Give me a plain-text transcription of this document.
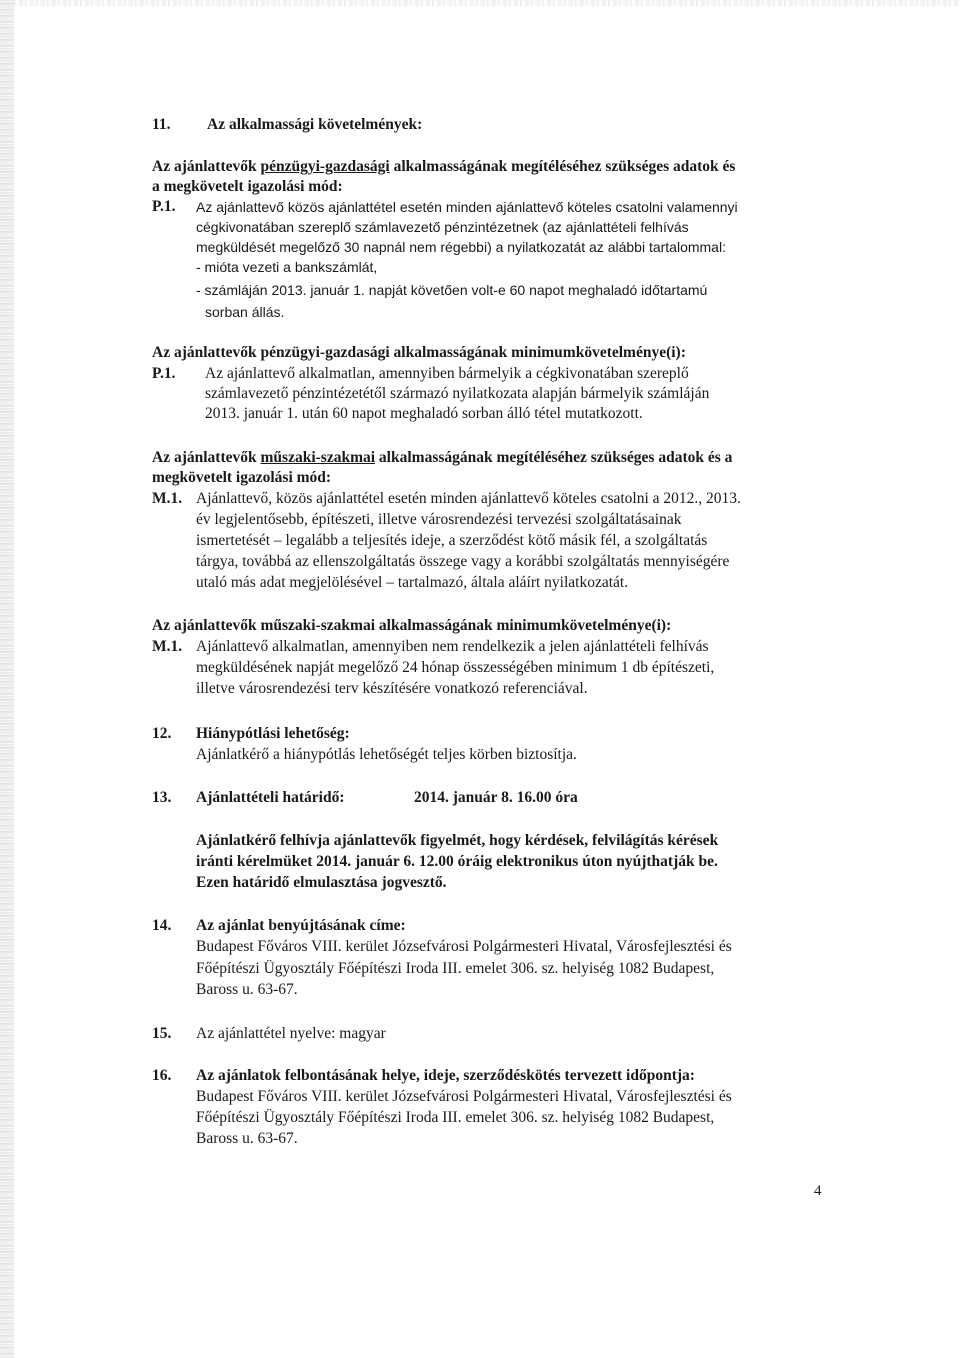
11. Az alkalmassági követelmények:
Az ajánlattevők pénzügyi-gazdasági alkalmasságának megítéléséhez szükséges adatok és
a megkövetelt igazolási mód:
P.1. Az ajánlattevő közös ajánlattétel esetén minden ajánlattevő köteles csatolni valamennyi
cégkivonatában szereplő számlavezető pénzintézetnek (az ajánlattételi felhívás
megküldését megelőző 30 napnál nem régebbi) a nyilatkozatát az alábbi tartalommal:
- mióta vezeti a bankszámlát,
- számláján 2013. január 1. napját követően volt-e 60 napot meghaladó időtartamú
sorban állás.
Az ajánlattevők pénzügyi-gazdasági alkalmasságának minimumkövetelménye(i):
P.1. Az ajánlattevő alkalmatlan, amennyiben bármelyik a cégkivonatában szereplő
számlavezető pénzintézetétől származó nyilatkozata alapján bármelyik számláján
2013. január 1. után 60 napot meghaladó sorban álló tétel mutatkozott.
Az ajánlattevők műszaki-szakmai alkalmasságának megítéléséhez szükséges adatok és a
megkövetelt igazolási mód:
M.1. Ajánlattevő, közös ajánlattétel esetén minden ajánlattevő köteles csatolni a 2012., 2013.
év legjelentősebb, építészeti, illetve városrendezési tervezési szolgáltatásainak
ismertetését – legalább a teljesítés ideje, a szerződést kötő másik fél, a szolgáltatás
tárgya, továbbá az ellenszolgáltatás összege vagy a korábbi szolgáltatás mennyiségére
utaló más adat megjelölésével – tartalmazó, általa aláírt nyilatkozatát.
Az ajánlattevők műszaki-szakmai alkalmasságának minimumkövetelménye(i):
M.1. Ajánlattevő alkalmatlan, amennyiben nem rendelkezik a jelen ajánlattételi felhívás
megküldésének napját megelőző 24 hónap összességében minimum 1 db építészeti,
illetve városrendezési terv készítésére vonatkozó referenciával.
12. Hiánypótlási lehetőség:
Ajánlatkérő a hiánypótlás lehetőségét teljes körben biztosítja.
13. Ajánlattételi határidő:	2014. január 8. 16.00 óra
Ajánlatkérő felhívja ajánlattevők figyelmét, hogy kérdések, felvilágítás kérések
iránti kérelmüket 2014. január 6. 12.00 óráig elektronikus úton nyújthatják be.
Ezen határidő elmulasztása jogvesztő.
14. Az ajánlat benyújtásának címe:
Budapest Főváros VIII. kerület Józsefvárosi Polgármesteri Hivatal, Városfejlesztési és
Főépítészi Ügyosztály Főépítészi Iroda III. emelet 306. sz. helyiség 1082 Budapest,
Baross u. 63-67.
15. Az ajánlattétel nyelve: magyar
16. Az ajánlatok felbontásának helye, ideje, szerződéskötés tervezett időpontja:
Budapest Főváros VIII. kerület Józsefvárosi Polgármesteri Hivatal, Városfejlesztési és
Főépítészi Ügyosztály Főépítészi Iroda III. emelet 306. sz. helyiség 1082 Budapest,
Baross u. 63-67.
4
